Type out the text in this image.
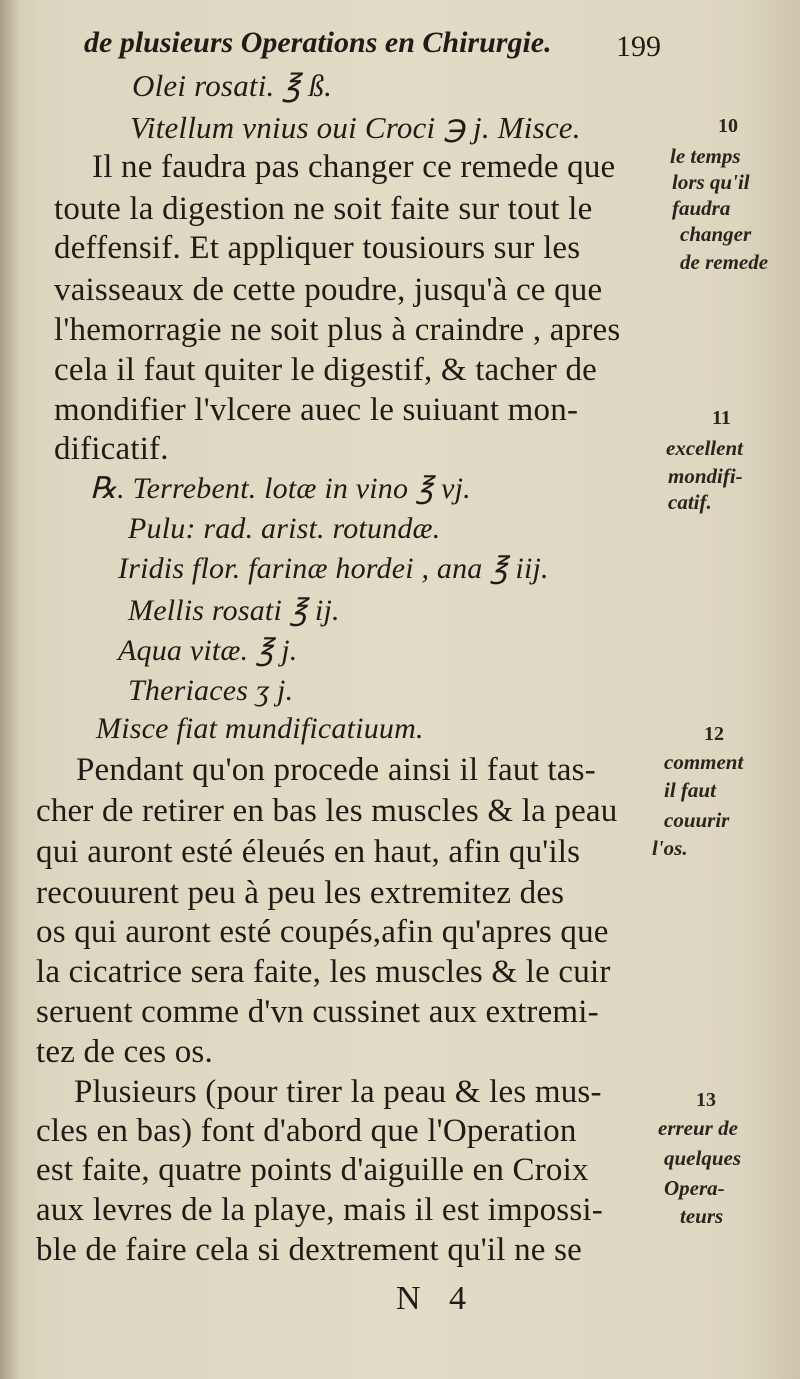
de plusieurs Operations en Chirurgie. 199
Olei rosati. ℥ ß.
Vitellum vnius oui Croci ℈ j. Misce.
Il ne faudra pas changer ce remede que
toute la digestion ne soit faite sur tout le
deffensif. Et appliquer tousiours sur les
vaisseaux de cette poudre, jusqu'à ce que
l'hemorragie ne soit plus à craindre , apres
cela il faut quiter le digestif, & tacher de
mondifier l'vlcere auec le suiuant mon-
dificatif.
℞. Terrebent. lotæ in vino ℥ vj.
Pulu: rad. arist. rotundæ.
Iridis flor. farinæ hordei , ana ℥ iij.
Mellis rosati ℥ ij.
Aqua vitæ. ℥ j.
Theriaces ʒ j.
Misce fiat mundificatiuum.
Pendant qu'on procede ainsi il faut tas-
cher de retirer en bas les muscles & la peau
qui auront esté éleués en haut, afin qu'ils
recouurent peu à peu les extremitez des
os qui auront esté coupés,afin qu'apres que
la cicatrice sera faite, les muscles & le cuir
seruent comme d'vn cussinet aux extremi-
tez de ces os.
Plusieurs (pour tirer la peau & les mus-
cles en bas) font d'abord que l'Operation
est faite, quatre points d'aiguille en Croix
aux levres de la playe, mais il est impossi-
ble de faire cela si dextrement qu'il ne se
N 4
10
le temps
lors qu'il
faudra
changer
de remede
11
excellent
mondifi-
catif.
12
comment
il faut
couurir
l'os.
13
erreur de
quelques
Opera-
teurs
